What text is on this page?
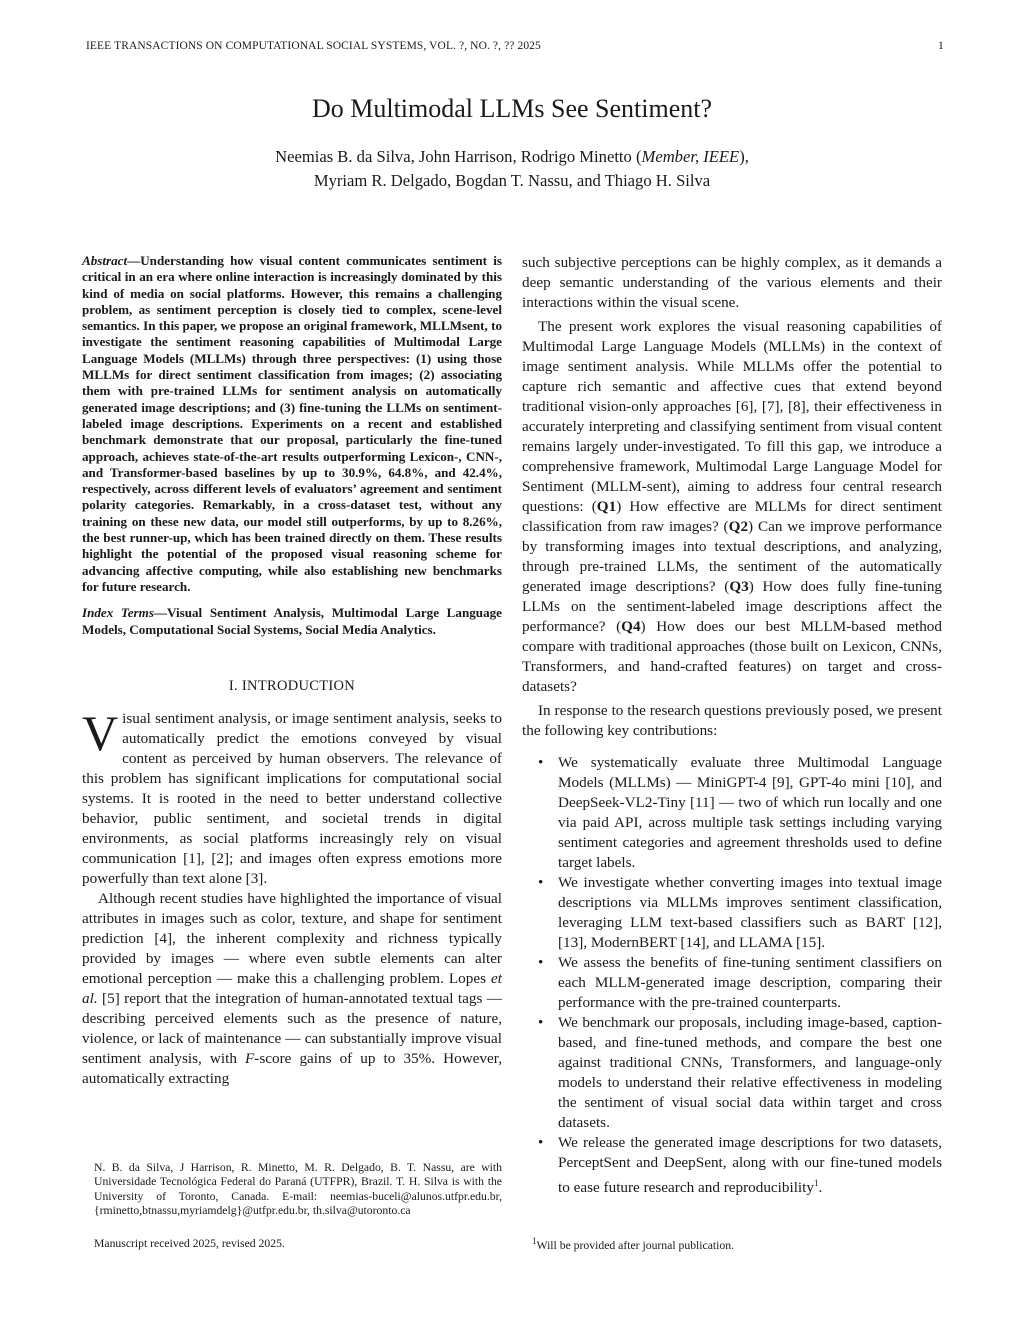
IEEE TRANSACTIONS ON COMPUTATIONAL SOCIAL SYSTEMS, VOL. ?, NO. ?, ?? 2025	1
Do Multimodal LLMs See Sentiment?
Neemias B. da Silva, John Harrison, Rodrigo Minetto (Member, IEEE),
Myriam R. Delgado, Bogdan T. Nassu, and Thiago H. Silva
Abstract—Understanding how visual content communicates sentiment is critical in an era where online interaction is increasingly dominated by this kind of media on social platforms. However, this remains a challenging problem, as sentiment perception is closely tied to complex, scene-level semantics. In this paper, we propose an original framework, MLLMsent, to investigate the sentiment reasoning capabilities of Multimodal Large Language Models (MLLMs) through three perspectives: (1) using those MLLMs for direct sentiment classification from images; (2) associating them with pre-trained LLMs for sentiment analysis on automatically generated image descriptions; and (3) fine-tuning the LLMs on sentiment-labeled image descriptions. Experiments on a recent and established benchmark demonstrate that our proposal, particularly the fine-tuned approach, achieves state-of-the-art results outperforming Lexicon-, CNN-, and Transformer-based baselines by up to 30.9%, 64.8%, and 42.4%, respectively, across different levels of evaluators’ agreement and sentiment polarity categories. Remarkably, in a cross-dataset test, without any training on these new data, our model still outperforms, by up to 8.26%, the best runner-up, which has been trained directly on them. These results highlight the potential of the proposed visual reasoning scheme for advancing affective computing, while also establishing new benchmarks for future research.
Index Terms—Visual Sentiment Analysis, Multimodal Large Language Models, Computational Social Systems, Social Media Analytics.
I. INTRODUCTION

Visual sentiment analysis, or image sentiment analysis, seeks to automatically predict the emotions conveyed by visual content as perceived by human observers. The relevance of this problem has significant implications for computational social systems. It is rooted in the need to better understand collective behavior, public sentiment, and societal trends in digital environments, as social platforms increasingly rely on visual communication [1], [2]; and images often express emotions more powerfully than text alone [3].

Although recent studies have highlighted the importance of visual attributes in images such as color, texture, and shape for sentiment prediction [4], the inherent complexity and richness typically provided by images — where even subtle elements can alter emotional perception — make this a challenging problem. Lopes et al. [5] report that the integration of human-annotated textual tags — describing perceived elements such as the presence of nature, violence, or lack of maintenance — can substantially improve visual sentiment analysis, with F-score gains of up to 35%. However, automatically extracting

such subjective perceptions can be highly complex, as it demands a deep semantic understanding of the various elements and their interactions within the visual scene.

The present work explores the visual reasoning capabilities of Multimodal Large Language Models (MLLMs) in the context of image sentiment analysis. While MLLMs offer the potential to capture rich semantic and affective cues that extend beyond traditional vision-only approaches [6], [7], [8], their effectiveness in accurately interpreting and classifying sentiment from visual content remains largely under-investigated. To fill this gap, we introduce a comprehensive framework, Multimodal Large Language Model for Sentiment (MLLM-sent), aiming to address four central research questions: (Q1) How effective are MLLMs for direct sentiment classification from raw images? (Q2) Can we improve performance by transforming images into textual descriptions, and analyzing, through pre-trained LLMs, the sentiment of the automatically generated image descriptions? (Q3) How does fully fine-tuning LLMs on the sentiment-labeled image descriptions affect the performance? (Q4) How does our best MLLM-based method compare with traditional approaches (those built on Lexicon, CNNs, Transformers, and hand-crafted features) on target and cross-datasets?

In response to the research questions previously posed, we present the following key contributions:

• We systematically evaluate three Multimodal Language Models (MLLMs) — MiniGPT-4 [9], GPT-4o mini [10], and DeepSeek-VL2-Tiny [11] — two of which run locally and one via paid API, across multiple task settings including varying sentiment categories and agreement thresholds used to define target labels.
• We investigate whether converting images into textual image descriptions via MLLMs improves sentiment classification, leveraging LLM text-based classifiers such as BART [12], [13], ModernBERT [14], and LLAMA [15].
• We assess the benefits of fine-tuning sentiment classifiers on each MLLM-generated image description, comparing their performance with the pre-trained counterparts.
• We benchmark our proposals, including image-based, caption-based, and fine-tuned methods, and compare the best one against traditional CNNs, Transformers, and language-only models to understand their relative effectiveness in modeling the sentiment of visual social data within target and cross datasets.
• We release the generated image descriptions for two datasets, PerceptSent and DeepSent, along with our fine-tuned models to ease future research and reproducibility$^1$.
N. B. da Silva, J Harrison, R. Minetto, M. R. Delgado, B. T. Nassu, are with Universidade Tecnológica Federal do Paraná (UTFPR), Brazil. T. H. Silva is with the University of Toronto, Canada. E-mail: neemias-buceli@alunos.utfpr.edu.br, {rminetto,btnassu,myriamdelg}@utfpr.edu.br, th.silva@utoronto.ca
Manuscript received 2025, revised 2025.	$^1$Will be provided after journal publication.
